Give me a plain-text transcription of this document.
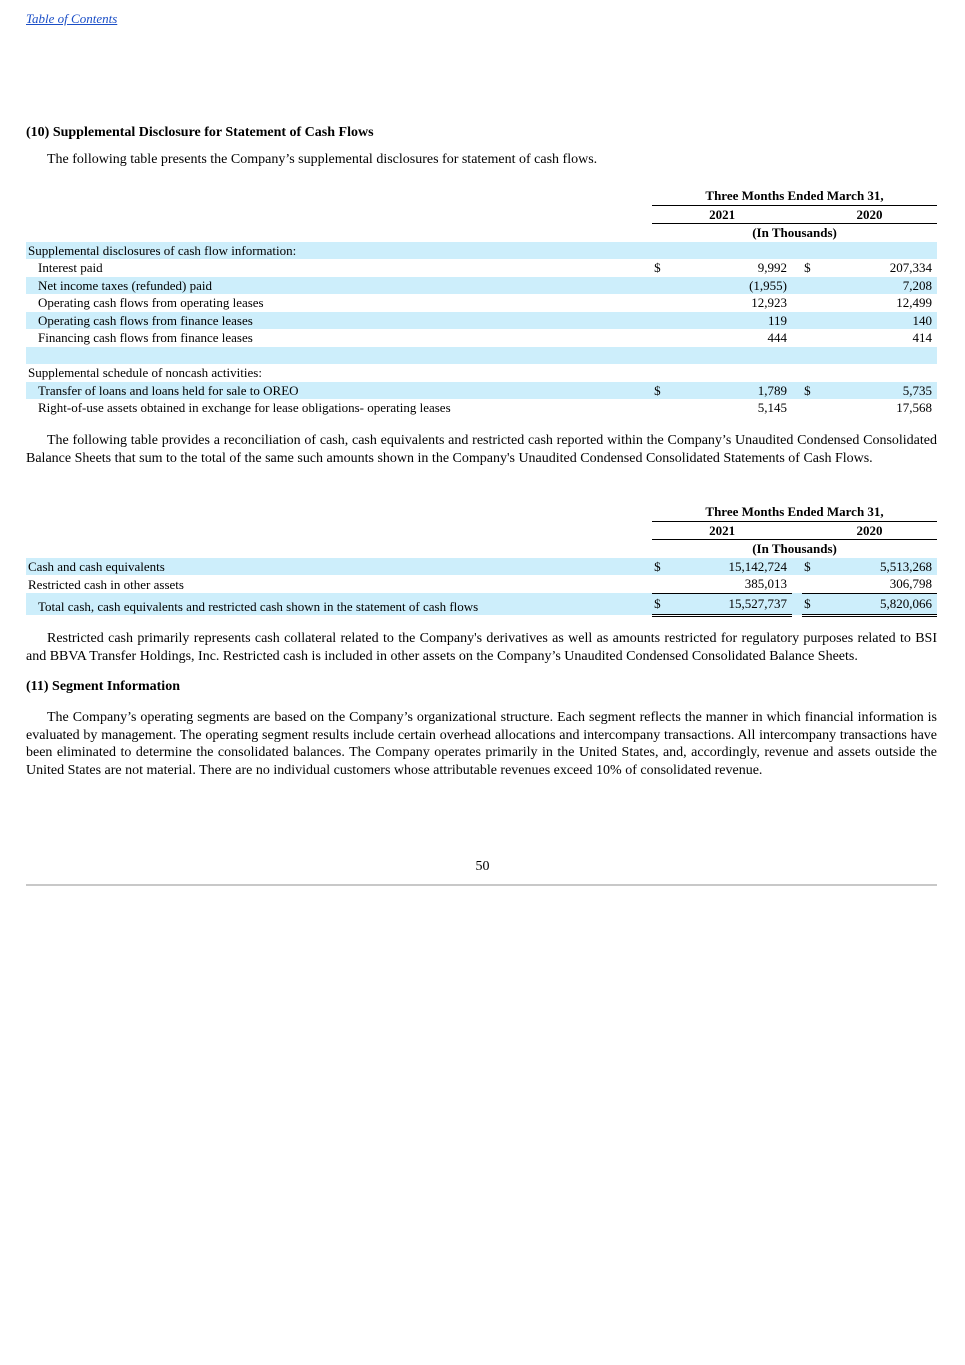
Table of Contents
(10) Supplemental Disclosure for Statement of Cash Flows

The following table presents the Company’s supplemental disclosures for statement of cash flows.

		Three Months Ended March 31,				
		2021			2020	
		(In Thousands)				
Supplemental disclosures of cash flow information:						
Interest paid		$	9,992		$	207,334
Net income taxes (refunded) paid			(1,955)			7,208
Operating cash flows from operating leases			12,923			12,499
Operating cash flows from finance leases			119			140
Financing cash flows from finance leases			444			414

Supplemental schedule of noncash activities:						
Transfer of loans and loans held for sale to OREO		$	1,789		$	5,735
Right-of-use assets obtained in exchange for lease obligations- operating leases			5,145			17,568

The following table provides a reconciliation of cash, cash equivalents and restricted cash reported within the Company’s Unaudited Condensed Consolidated Balance Sheets that sum to the total of the same such amounts shown in the Company's Unaudited Condensed Consolidated Statements of Cash Flows.

		Three Months Ended March 31,				
		2021			2020	
		(In Thousands)				
Cash and cash equivalents		$	15,142,724		$	5,513,268
Restricted cash in other assets			385,013			306,798
Total cash, cash equivalents and restricted cash shown in the statement of cash flows		$	15,527,737		$	5,820,066

Restricted cash primarily represents cash collateral related to the Company's derivatives as well as amounts restricted for regulatory purposes related to BSI and BBVA Transfer Holdings, Inc. Restricted cash is included in other assets on the Company’s Unaudited Condensed Consolidated Balance Sheets.

(11) Segment Information

The Company’s operating segments are based on the Company’s organizational structure. Each segment reflects the manner in which financial information is evaluated by management. The operating segment results include certain overhead allocations and intercompany transactions. All intercompany transactions have been eliminated to determine the consolidated balances. The Company operates primarily in the United States, and, accordingly, revenue and assets outside the United States are not material. There are no individual customers whose attributable revenues exceed 10% of consolidated revenue.

50
